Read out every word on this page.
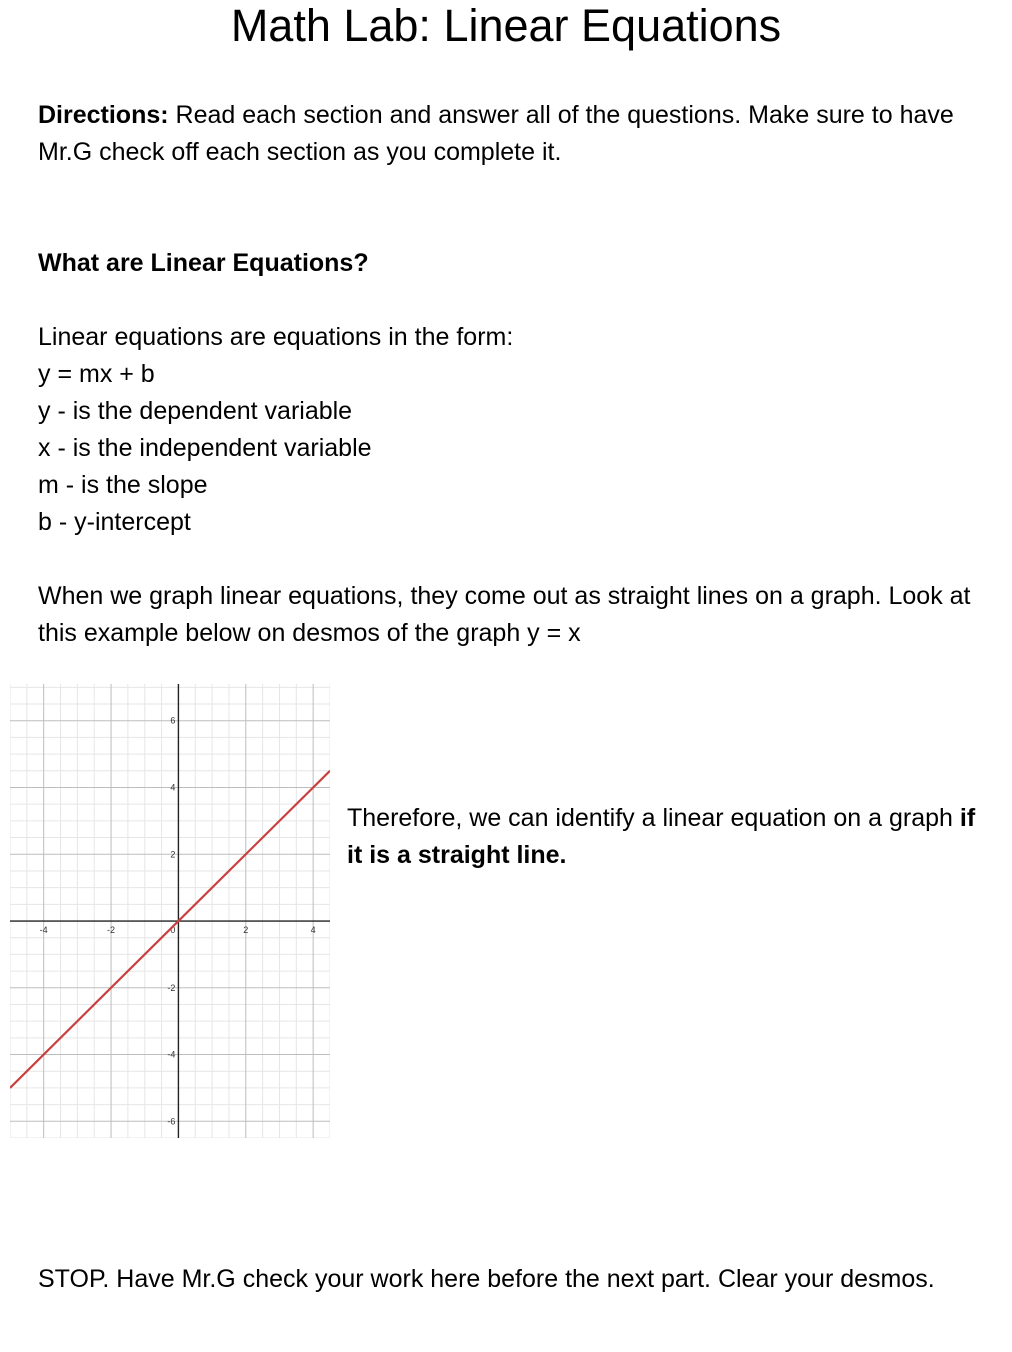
Math Lab: Linear Equations

Directions: Read each section and answer all of the questions. Make sure to have Mr.G check off each section as you complete it.

What are Linear Equations?

Linear equations are equations in the form:
y = mx + b
y - is the dependent variable
x - is the independent variable
m - is the slope
b - y-intercept

When we graph linear equations, they come out as straight lines on a graph. Look at this example below on desmos of the graph y = x

-4	-2	2	4
6
4
2
-2
-4
-6
0

Therefore, we can identify a linear equation on a graph if it is a straight line.

STOP. Have Mr.G check your work here before the next part. Clear your desmos.
